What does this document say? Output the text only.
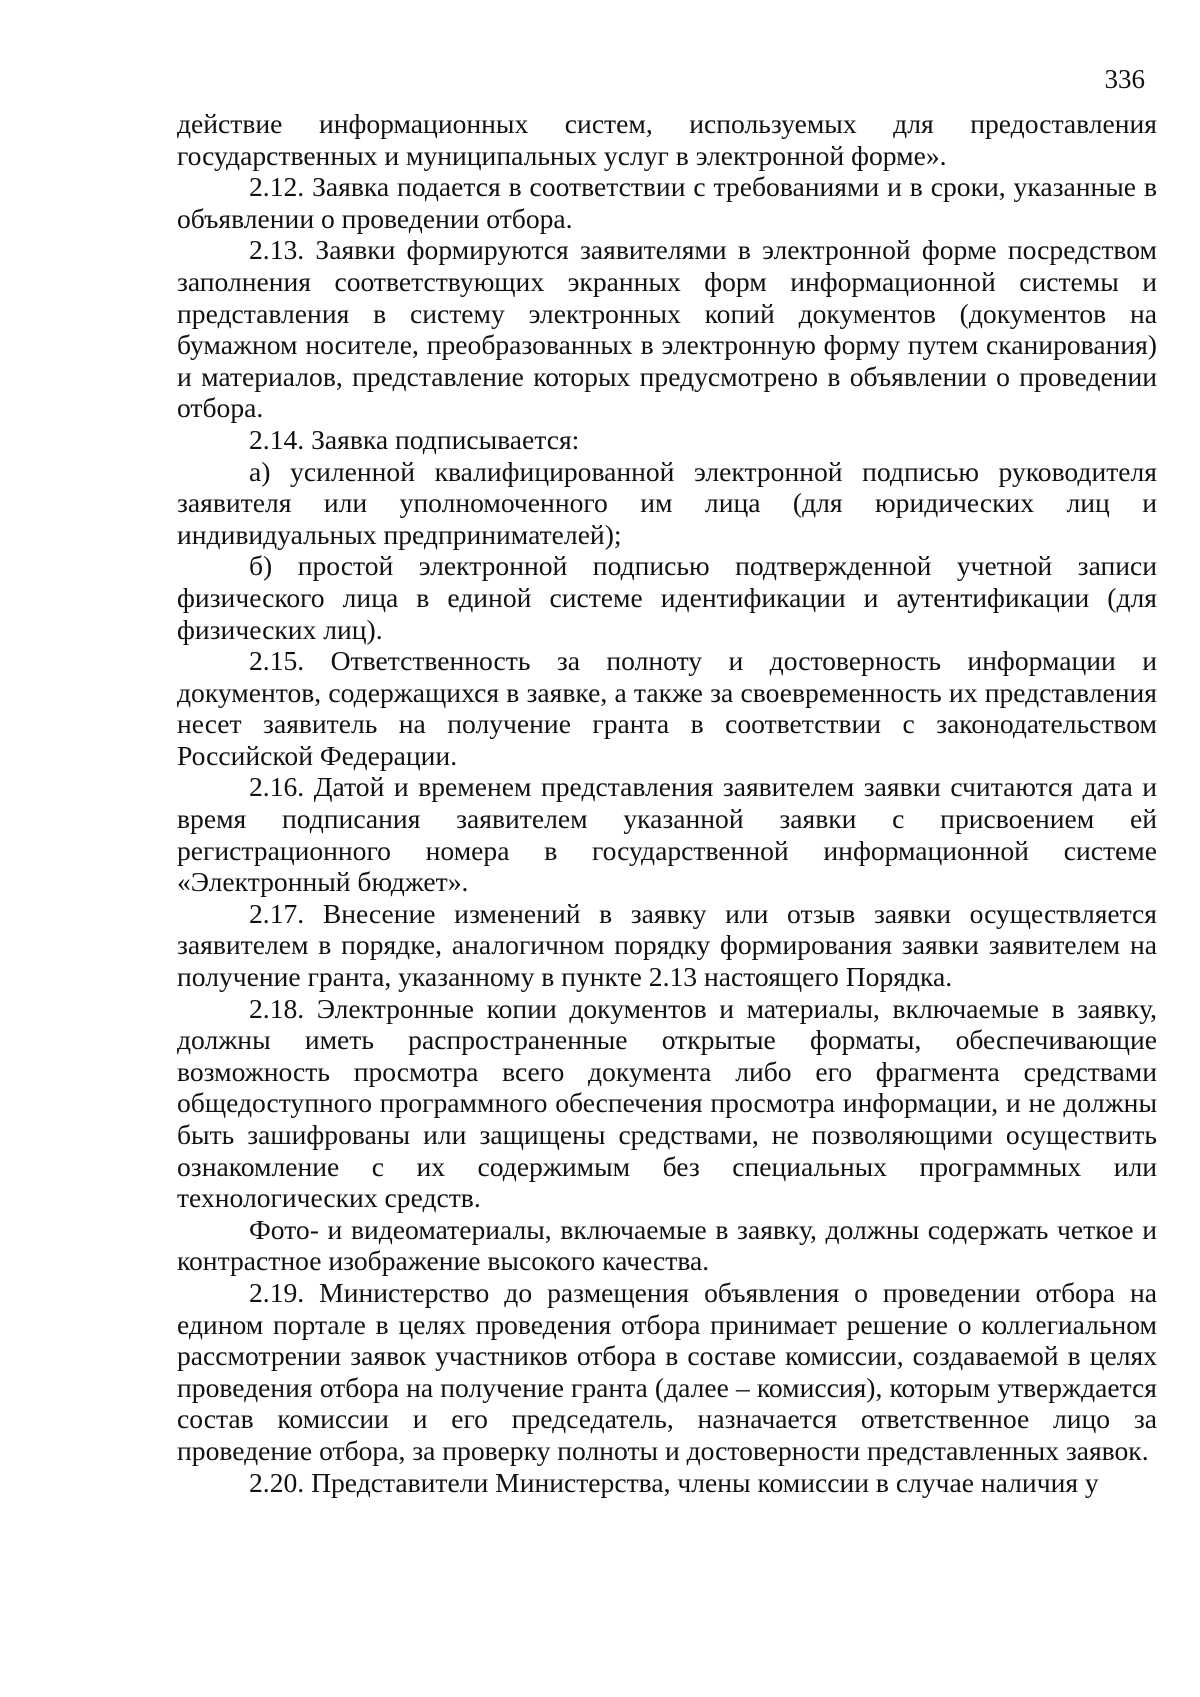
336

действие информационных систем, используемых для предоставления государственных и муниципальных услуг в электронной форме».

2.12. Заявка подается в соответствии с требованиями и в сроки, указанные в объявлении о проведении отбора.

2.13. Заявки формируются заявителями в электронной форме посредством заполнения соответствующих экранных форм информационной системы и представления в систему электронных копий документов (документов на бумажном носителе, преобразованных в электронную форму путем сканирования) и материалов, представление которых предусмотрено в объявлении о проведении отбора.

2.14. Заявка подписывается:

а) усиленной квалифицированной электронной подписью руководителя заявителя или уполномоченного им лица (для юридических лиц и индивидуальных предпринимателей);

б) простой электронной подписью подтвержденной учетной записи физического лица в единой системе идентификации и аутентификации (для физических лиц).

2.15. Ответственность за полноту и достоверность информации и документов, содержащихся в заявке, а также за своевременность их представления несет заявитель на получение гранта в соответствии с законодательством Российской Федерации.

2.16. Датой и временем представления заявителем заявки считаются дата и время подписания заявителем указанной заявки с присвоением ей регистрационного номера в государственной информационной системе «Электронный бюджет».

2.17. Внесение изменений в заявку или отзыв заявки осуществляется заявителем в порядке, аналогичном порядку формирования заявки заявителем на получение гранта, указанному в пункте 2.13 настоящего Порядка.

2.18. Электронные копии документов и материалы, включаемые в заявку, должны иметь распространенные открытые форматы, обеспечивающие возможность просмотра всего документа либо его фрагмента средствами общедоступного программного обеспечения просмотра информации, и не должны быть зашифрованы или защищены средствами, не позволяющими осуществить ознакомление с их содержимым без специальных программных или технологических средств.

Фото- и видеоматериалы, включаемые в заявку, должны содержать четкое и контрастное изображение высокого качества.

2.19. Министерство до размещения объявления о проведении отбора на едином портале в целях проведения отбора принимает решение о коллегиальном рассмотрении заявок участников отбора в составе комиссии, создаваемой в целях проведения отбора на получение гранта (далее – комиссия), которым утверждается состав комиссии и его председатель, назначается ответственное лицо за проведение отбора, за проверку полноты и достоверности представленных заявок.

2.20. Представители Министерства, члены комиссии в случае наличия у
